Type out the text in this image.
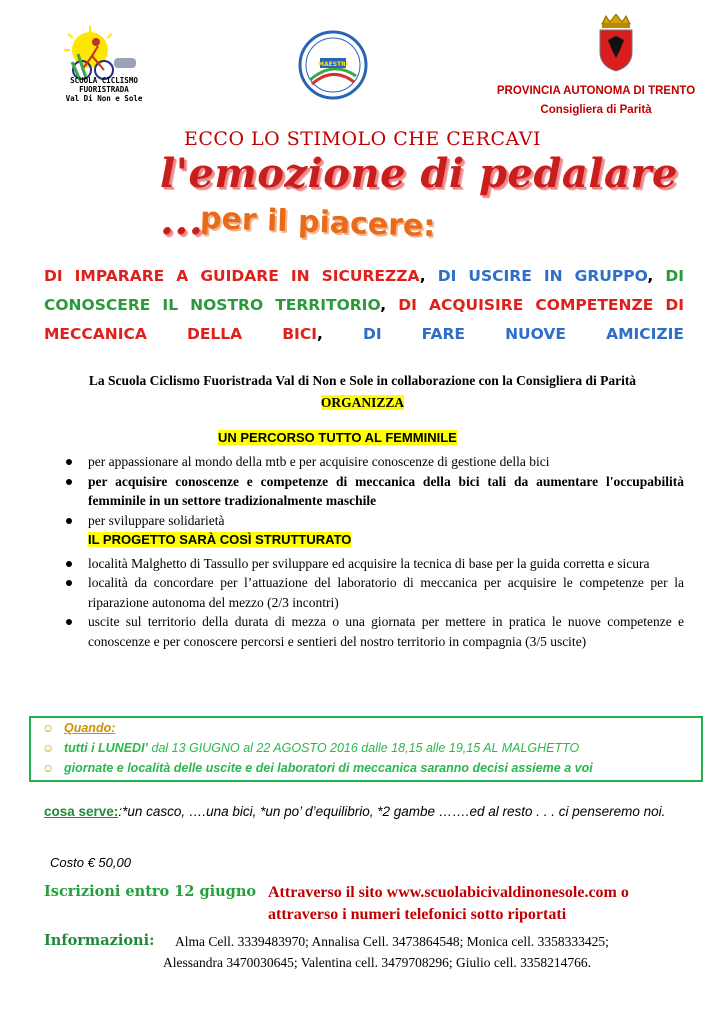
SCUOLA CICLISMO
FUORISTRADA
Val Di Non e Sole
MAESTRI
PROVINCIA AUTONOMA DI TRENTO
Consigliera di Parità
ECCO LO STIMOLO CHE CERCAVI
l'emozione di pedalare ...
per il piacere:
DI IMPARARE A GUIDARE IN SICUREZZA, DI USCIRE IN GRUPPO, DI CONOSCERE IL NOSTRO TERRITORIO, DI ACQUISIRE COMPETENZE DI MECCANICA DELLA BICI, DI FARE NUOVE AMICIZIE
La Scuola Ciclismo Fuoristrada Val di Non e Sole in collaborazione con la Consigliera di Parità
ORGANIZZA
UN PERCORSO TUTTO AL FEMMINILE
per appassionare al mondo della mtb e per acquisire conoscenze di gestione della bici
per acquisire conoscenze e competenze di meccanica della bici tali da aumentare l'occupabilità femminile in un settore tradizionalmente maschile
per sviluppare solidarietà
IL PROGETTO SARÀ COSÌ STRUTTURATO
località Malghetto di Tassullo per sviluppare ed acquisire la tecnica di base per la guida corretta e sicura
località da concordare per l’attuazione del laboratorio di meccanica per acquisire le competenze per la riparazione autonoma del mezzo (2/3 incontri)
uscite sul territorio della durata di mezza o una giornata per mettere in pratica le nuove competenze e conoscenze e per conoscere percorsi e sentieri del nostro territorio in compagnia (3/5 uscite)
☺ Quando:
☺ tutti i LUNEDI’ dal 13 GIUGNO al 22 AGOSTO 2016 dalle 18,15 alle 19,15 AL MALGHETTO
☺ giornate e località delle uscite e dei laboratori di meccanica saranno decisi assieme a voi
cosa serve::*un casco, ….una bici, *un po’ d’equilibrio, *2 gambe …….ed al resto . . . ci penseremo noi.
Costo € 50,00
Iscrizioni entro 12 giugno Attraverso il sito www.scuolabicivaldinonesole.com o
attraverso i numeri telefonici sotto riportati
Informazioni: Alma Cell. 3339483970; Annalisa Cell. 3473864548; Monica cell. 3358333425;
Alessandra 3470030645; Valentina cell. 3479708296; Giulio cell. 3358214766.
